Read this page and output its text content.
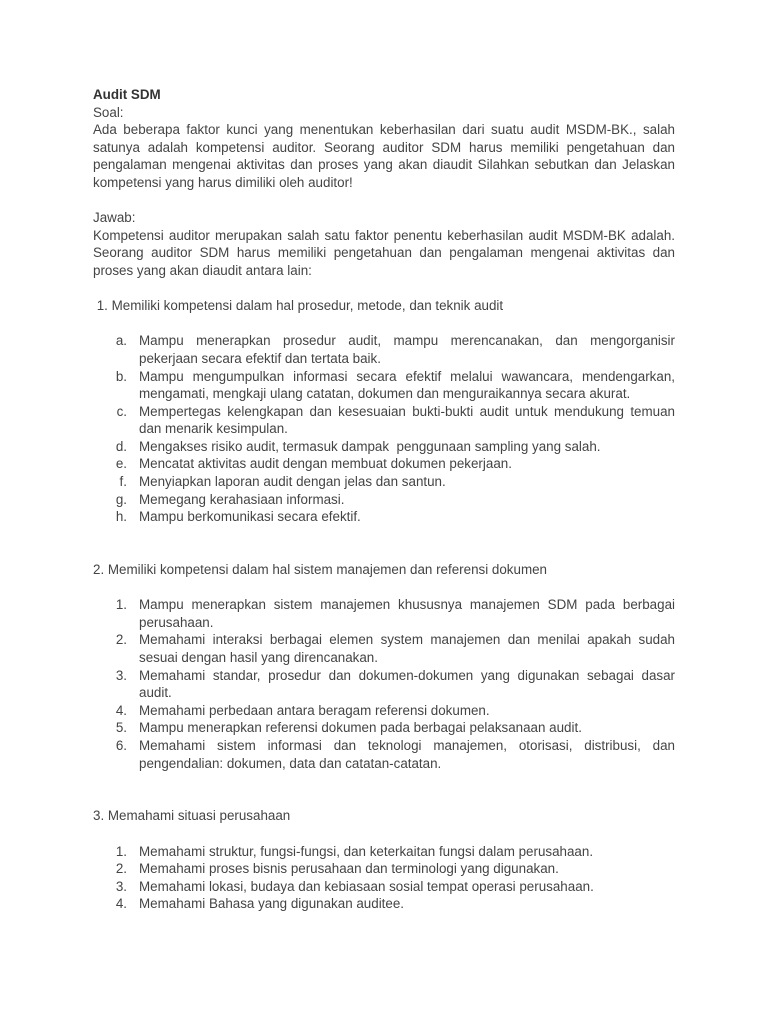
Audit SDM
Soal:
Ada beberapa faktor kunci yang menentukan keberhasilan dari suatu audit MSDM-BK., salah satunya adalah kompetensi auditor. Seorang auditor SDM harus memiliki pengetahuan dan pengalaman mengenai aktivitas dan proses yang akan diaudit Silahkan sebutkan dan Jelaskan kompetensi yang harus dimiliki oleh auditor!
Jawab:
Kompetensi auditor merupakan salah satu faktor penentu keberhasilan audit MSDM-BK adalah. Seorang auditor SDM harus memiliki pengetahuan dan pengalaman mengenai aktivitas dan proses yang akan diaudit antara lain:
1. Memiliki kompetensi dalam hal prosedur, metode, dan teknik audit
a. Mampu menerapkan prosedur audit, mampu merencanakan, dan mengorganisir pekerjaan secara efektif dan tertata baik.
b. Mampu mengumpulkan informasi secara efektif melalui wawancara, mendengarkan, mengamati, mengkaji ulang catatan, dokumen dan menguraikannya secara akurat.
c. Mempertegas kelengkapan dan kesesuaian bukti-bukti audit untuk mendukung temuan dan menarik kesimpulan.
d. Mengakses risiko audit, termasuk dampak  penggunaan sampling yang salah.
e. Mencatat aktivitas audit dengan membuat dokumen pekerjaan.
f. Menyiapkan laporan audit dengan jelas dan santun.
g. Memegang kerahasiaan informasi.
h. Mampu berkomunikasi secara efektif.
2. Memiliki kompetensi dalam hal sistem manajemen dan referensi dokumen
1. Mampu menerapkan sistem manajemen khususnya manajemen SDM pada berbagai perusahaan.
2. Memahami interaksi berbagai elemen system manajemen dan menilai apakah sudah sesuai dengan hasil yang direncanakan.
3. Memahami standar, prosedur dan dokumen-dokumen yang digunakan sebagai dasar audit.
4. Memahami perbedaan antara beragam referensi dokumen.
5. Mampu menerapkan referensi dokumen pada berbagai pelaksanaan audit.
6. Memahami sistem informasi dan teknologi manajemen, otorisasi, distribusi, dan pengendalian: dokumen, data dan catatan-catatan.
3. Memahami situasi perusahaan
1. Memahami struktur, fungsi-fungsi, dan keterkaitan fungsi dalam perusahaan.
2. Memahami proses bisnis perusahaan dan terminologi yang digunakan.
3. Memahami lokasi, budaya dan kebiasaan sosial tempat operasi perusahaan.
4. Memahami Bahasa yang digunakan auditee.
